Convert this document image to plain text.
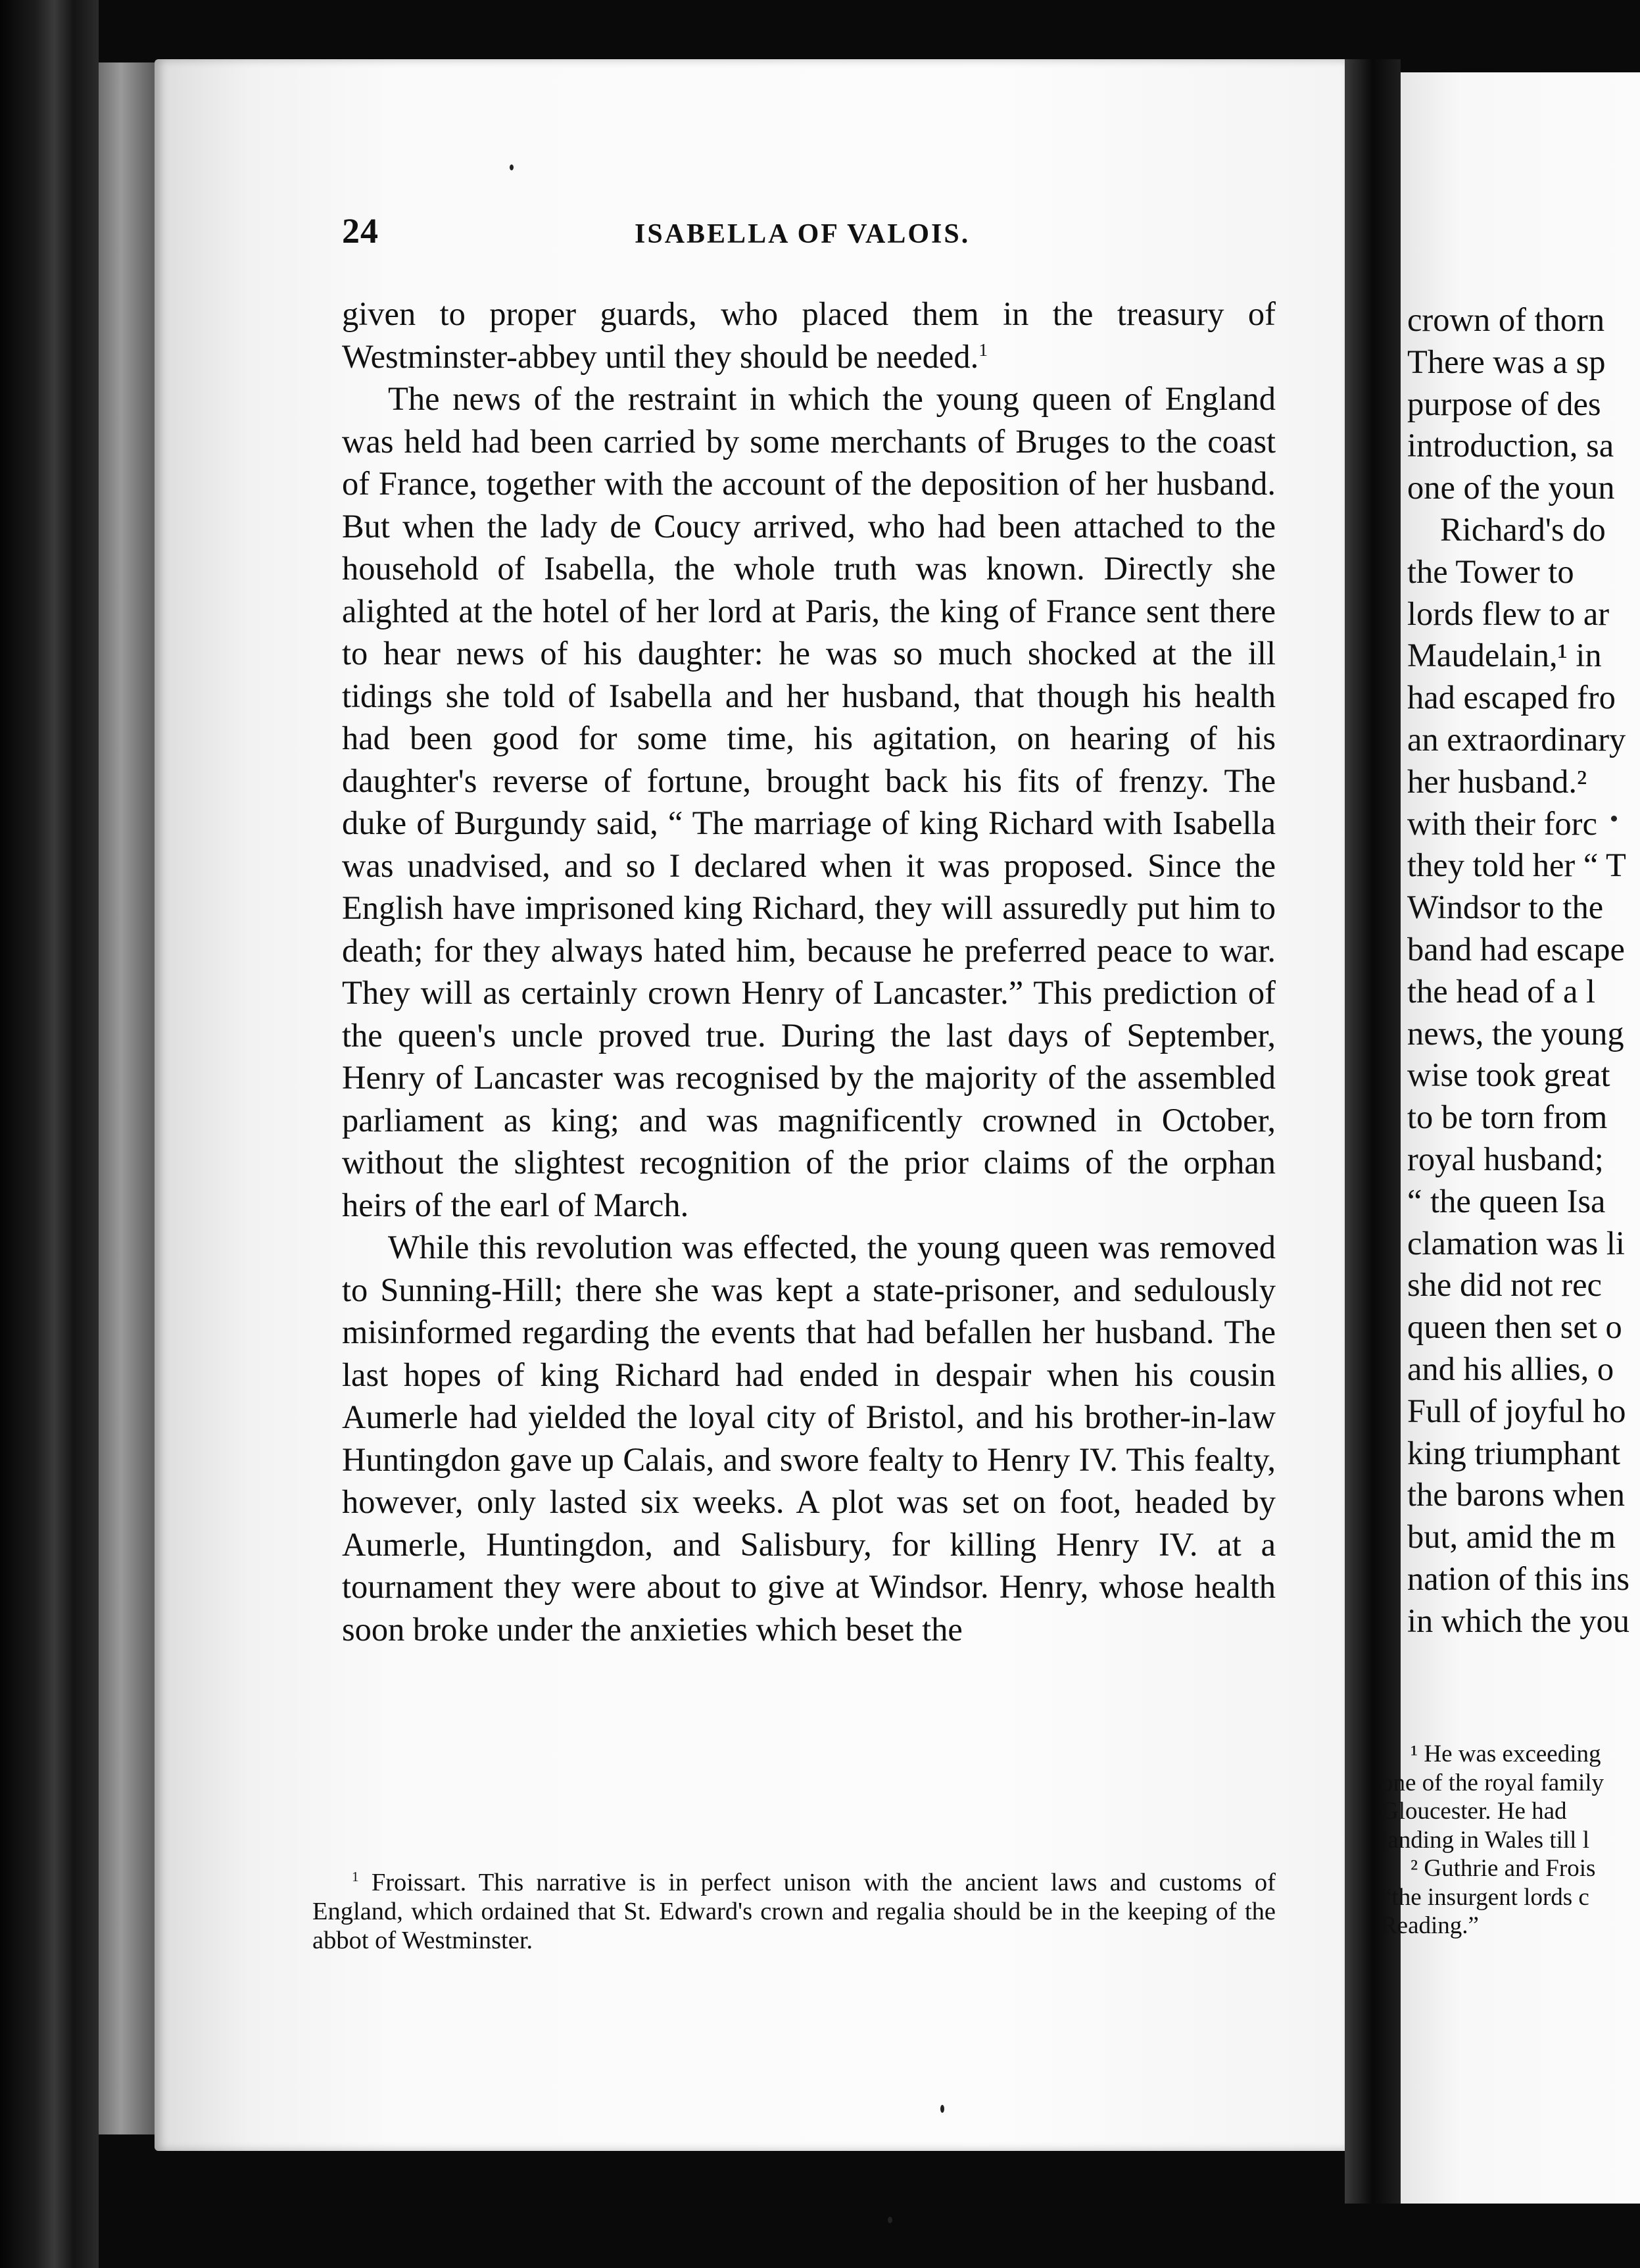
24	ISABELLA OF VALOIS.

given to proper guards, who placed them in the treasury of Westminster-abbey until they should be needed.$^1$

The news of the restraint in which the young queen of England was held had been carried by some merchants of Bruges to the coast of France, together with the account of the deposition of her husband. But when the lady de Coucy arrived, who had been attached to the household of Isabella, the whole truth was known. Directly she alighted at the hotel of her lord at Paris, the king of France sent there to hear news of his daughter: he was so much shocked at the ill tidings she told of Isabella and her husband, that though his health had been good for some time, his agitation, on hearing of his daughter's reverse of fortune, brought back his fits of frenzy. The duke of Burgundy said, “ The marriage of king Richard with Isabella was unadvised, and so I declared when it was proposed. Since the English have imprisoned king Richard, they will assuredly put him to death; for they always hated him, because he preferred peace to war. They will as certainly crown Henry of Lancaster.” This prediction of the queen's uncle proved true. During the last days of September, Henry of Lancaster was recognised by the majority of the assembled parliament as king; and was magnificently crowned in October, without the slightest recognition of the prior claims of the orphan heirs of the earl of March.

While this revolution was effected, the young queen was removed to Sunning-Hill; there she was kept a state-prisoner, and sedulously misinformed regarding the events that had befallen her husband. The last hopes of king Richard had ended in despair when his cousin Aumerle had yielded the loyal city of Bristol, and his brother-in-law Huntingdon gave up Calais, and swore fealty to Henry IV. This fealty, however, only lasted six weeks. A plot was set on foot, headed by Aumerle, Huntingdon, and Salisbury, for killing Henry IV. at a tournament they were about to give at Windsor. Henry, whose health soon broke under the anxieties which beset the

$^1$ Froissart. This narrative is in perfect unison with the ancient laws and customs of England, which ordained that St. Edward's crown and regalia should be in the keeping of the abbot of Westminster.
crown of thorn
There was a sp
purpose of des
introduction, sa
one of the youn
Richard's do
the Tower to
lords flew to ar
Maudelain,¹ in
had escaped fro
an extraordinary
her husband.²
with their forc
they told her “ T
Windsor to the
band had escape
the head of a l
news, the young
wise took great
to be torn from
royal husband;
“ the queen Isa
clamation was li
she did not rec
queen then set o
and his allies, o
Full of joyful ho
king triumphant
the barons when
but, amid the m
nation of this ins
in which the you
¹ He was exceeding
one of the royal family
Gloucester. He had
landing in Wales till l
² Guthrie and Frois
“the insurgent lords c
Reading.”
